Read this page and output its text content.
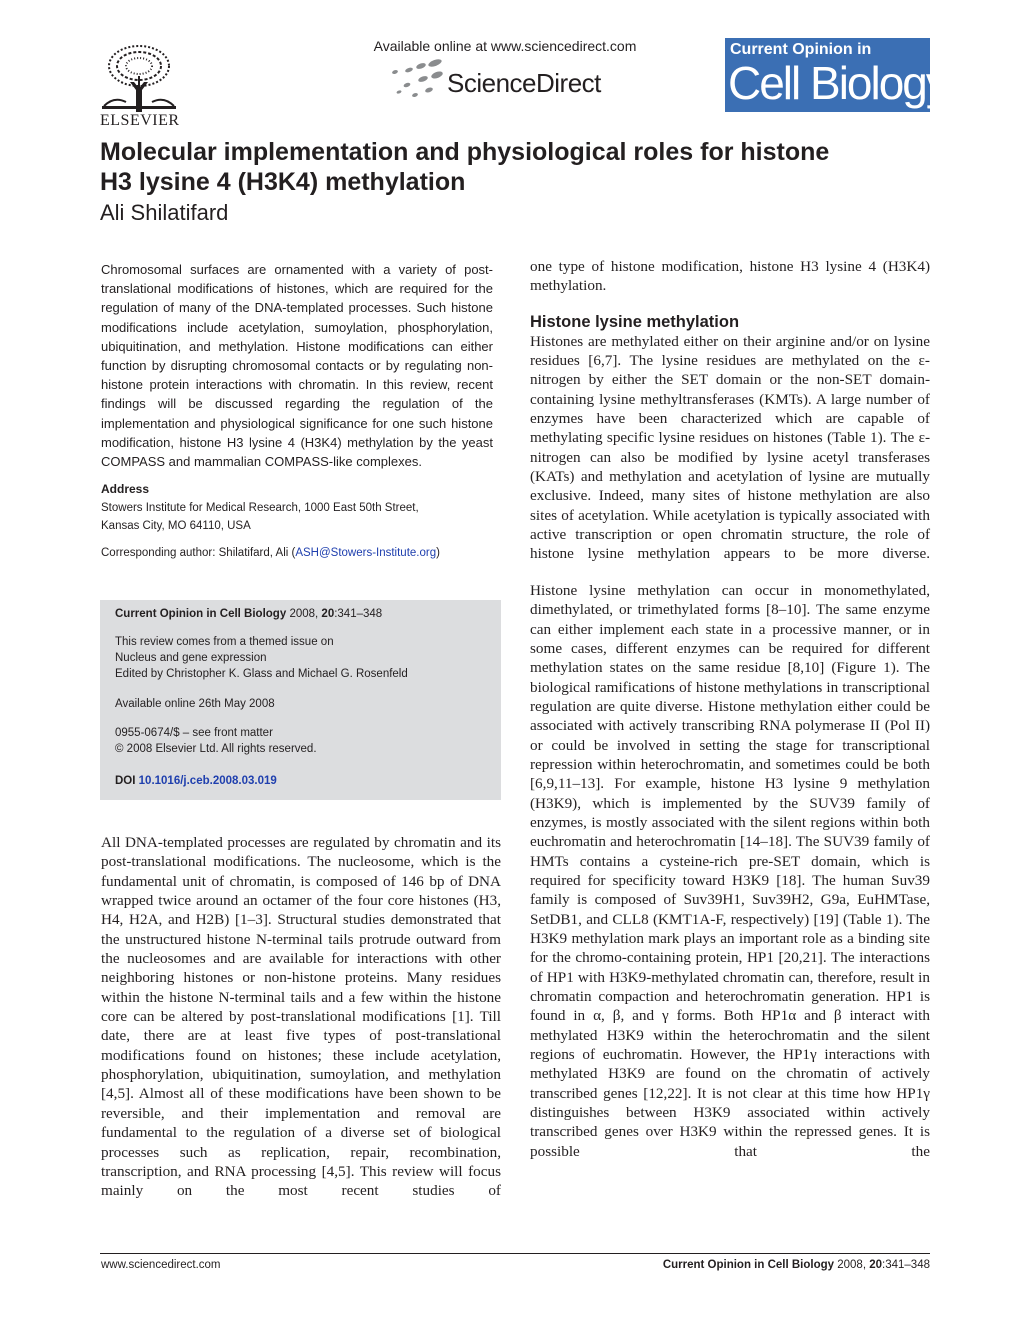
ELSEVIER
Available online at www.sciencedirect.com
ScienceDirect
Current Opinion in
Cell Biology
Molecular implementation and physiological roles for histone H3 lysine 4 (H3K4) methylation
Ali Shilatifard

Chromosomal surfaces are ornamented with a variety of post-translational modifications of histones, which are required for the regulation of many of the DNA-templated processes. Such histone modifications include acetylation, sumoylation, phosphorylation, ubiquitination, and methylation. Histone modifications can either function by disrupting chromosomal contacts or by regulating non-histone protein interactions with chromatin. In this review, recent findings will be discussed regarding the regulation of the implementation and physiological significance for one such histone modification, histone H3 lysine 4 (H3K4) methylation by the yeast COMPASS and mammalian COMPASS-like complexes.

Address
Stowers Institute for Medical Research, 1000 East 50th Street,
Kansas City, MO 64110, USA
Corresponding author: Shilatifard, Ali (ASH@Stowers-Institute.org)
Current Opinion in Cell Biology 2008, 20:341–348
This review comes from a themed issue on
Nucleus and gene expression
Edited by Christopher K. Glass and Michael G. Rosenfeld
Available online 26th May 2008
0955-0674/$ – see front matter
© 2008 Elsevier Ltd. All rights reserved.
DOI 10.1016/j.ceb.2008.03.019

All DNA-templated processes are regulated by chromatin and its post-translational modifications. The nucleosome, which is the fundamental unit of chromatin, is composed of 146 bp of DNA wrapped twice around an octamer of the four core histones (H3, H4, H2A, and H2B) [1–3]. Structural studies demonstrated that the unstructured histone N-terminal tails protrude outward from the nucleosomes and are available for interactions with other neighboring histones or non-histone proteins. Many residues within the histone N-terminal tails and a few within the histone core can be altered by post-translational modifications [1]. Till date, there are at least five types of post-translational modifications found on histones; these include acetylation, phosphorylation, ubiquitination, sumoylation, and methylation [4,5]. Almost all of these modifications have been shown to be reversible, and their implementation and removal are fundamental to the regulation of a diverse set of biological processes such as replication, repair, recombination, transcription, and RNA processing [4,5]. This review will focus mainly on the most recent studies of

one type of histone modification, histone H3 lysine 4 (H3K4) methylation.

Histone lysine methylation

Histones are methylated either on their arginine and/or on lysine residues [6,7]. The lysine residues are methylated on the ε-nitrogen by either the SET domain or the non-SET domain-containing lysine methyltransferases (KMTs). A large number of enzymes have been characterized which are capable of methylating specific lysine residues on histones (Table 1). The ε-nitrogen can also be modified by lysine acetyl transferases (KATs) and methylation and acetylation of lysine are mutually exclusive. Indeed, many sites of histone methylation are also sites of acetylation. While acetylation is typically associated with active transcription or open chromatin structure, the role of histone lysine methylation appears to be more diverse.

Histone lysine methylation can occur in monomethylated, dimethylated, or trimethylated forms [8–10]. The same enzyme can either implement each state in a processive manner, or in some cases, different enzymes can be required for different methylation states on the same residue [8,10] (Figure 1). The biological ramifications of histone methylations in transcriptional regulation are quite diverse. Histone methylation either could be associated with actively transcribing RNA polymerase II (Pol II) or could be involved in setting the stage for transcriptional repression within heterochromatin, and sometimes could be both [6,9,11–13]. For example, histone H3 lysine 9 methylation (H3K9), which is implemented by the SUV39 family of enzymes, is mostly associated with the silent regions within both euchromatin and heterochromatin [14–18]. The SUV39 family of HMTs contains a cysteine-rich pre-SET domain, which is required for specificity toward H3K9 [18]. The human Suv39 family is composed of Suv39H1, Suv39H2, G9a, EuHMTase, SetDB1, and CLL8 (KMT1A-F, respectively) [19] (Table 1). The H3K9 methylation mark plays an important role as a binding site for the chromo-containing protein, HP1 [20,21]. The interactions of HP1 with H3K9-methylated chromatin can, therefore, result in chromatin compaction and heterochromatin generation. HP1 is found in α, β, and γ forms. Both HP1α and β interact with methylated H3K9 within the heterochromatin and the silent regions of euchromatin. However, the HP1γ interactions with methylated H3K9 are found on the chromatin of actively transcribed genes [12,22]. It is not clear at this time how HP1γ distinguishes between H3K9 associated within actively transcribed genes over H3K9 within the repressed genes. It is possible that the

www.sciencedirect.com	Current Opinion in Cell Biology 2008, 20:341–348
